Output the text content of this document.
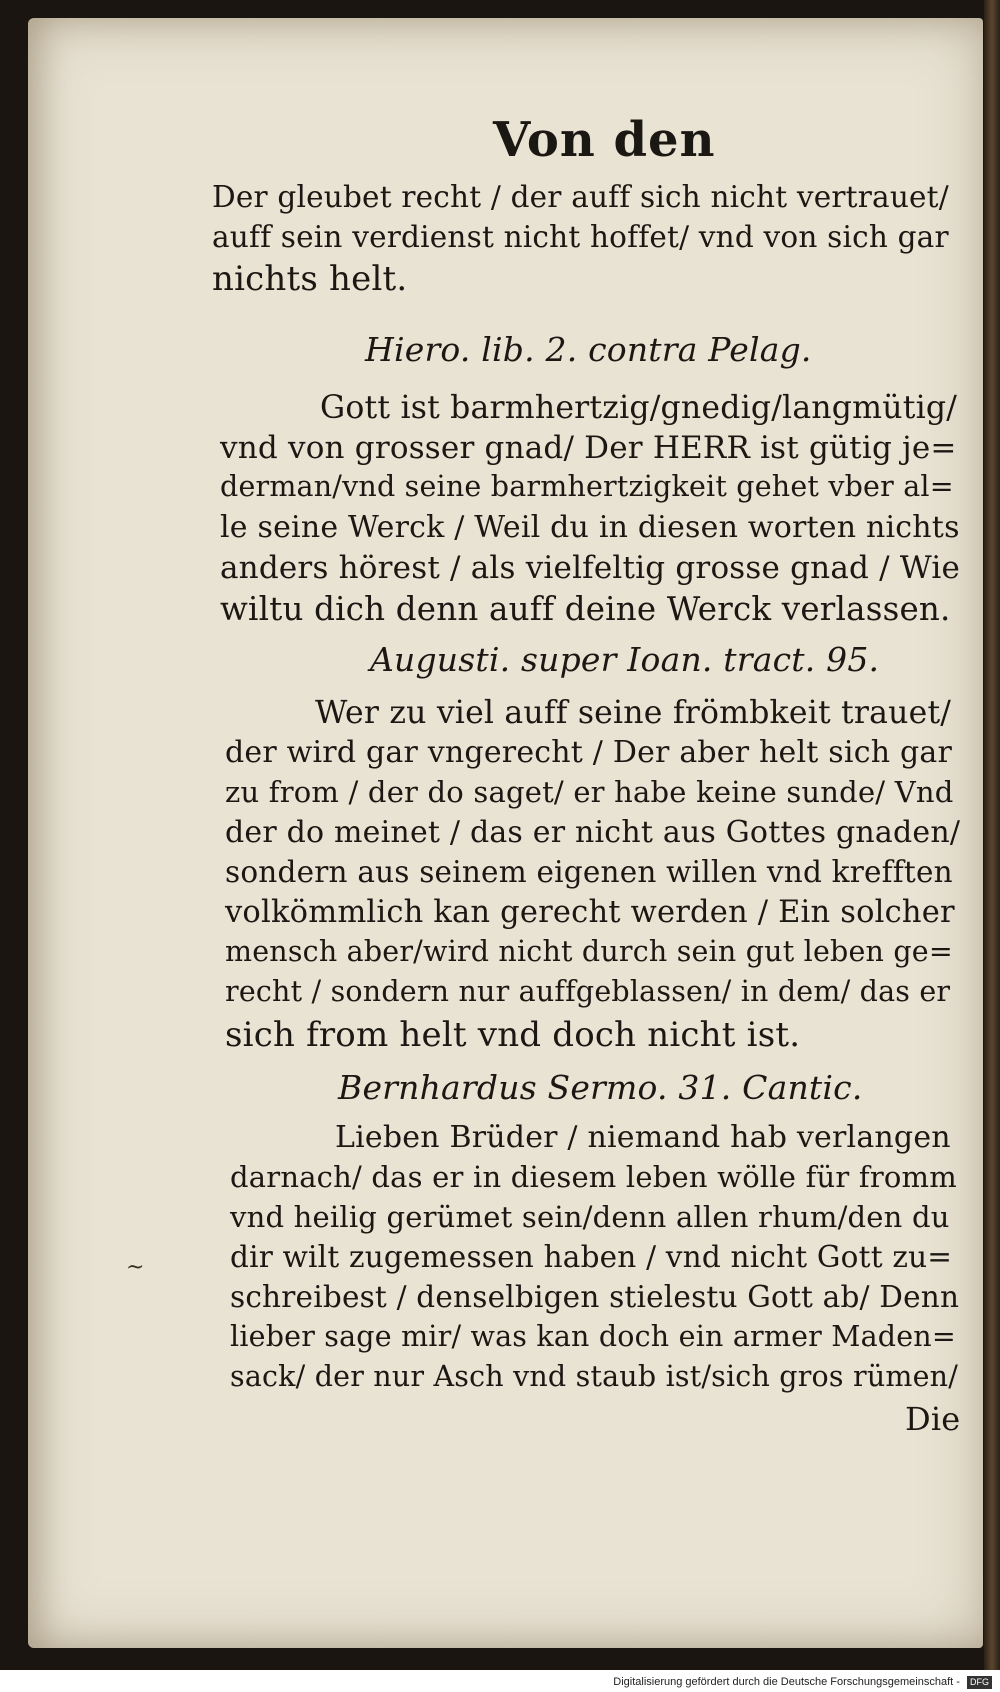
Von den
Der gleubet recht / der auff sich nicht vertrauet/
auff sein verdienst nicht hoffet/ vnd von sich gar
nichts helt.
Hiero. lib. 2. contra Pelag.
Gott ist barmhertzig/gnedig/langmütig/
vnd von grosser gnad/ Der HERR ist gütig je=
derman/vnd seine barmhertzigkeit gehet vber al=
le seine Werck / Weil du in diesen worten nichts
anders hörest / als vielfeltig grosse gnad / Wie
wiltu dich denn auff deine Werck verlassen.
Augusti. super Ioan. tract. 95.
Wer zu viel auff seine frömbkeit trauet/
der wird gar vngerecht / Der aber helt sich gar
zu from / der do saget/ er habe keine sunde/ Vnd
der do meinet / das er nicht aus Gottes gnaden/
sondern aus seinem eigenen willen vnd krefften
volkömmlich kan gerecht werden / Ein solcher
mensch aber/wird nicht durch sein gut leben ge=
recht / sondern nur auffgeblassen/ in dem/ das er
sich from helt vnd doch nicht ist.
Bernhardus Sermo. 31. Cantic.
Lieben Brüder / niemand hab verlangen
darnach/ das er in diesem leben wölle für fromm
vnd heilig gerümet sein/denn allen rhum/den du
dir wilt zugemessen haben / vnd nicht Gott zu=
schreibest / denselbigen stielestu Gott ab/ Denn
lieber sage mir/ was kan doch ein armer Maden=
sack/ der nur Asch vnd staub ist/sich gros rümen/
Die
~
Digitalisierung gefördert durch die Deutsche Forschungsgemeinschaft - DFG
